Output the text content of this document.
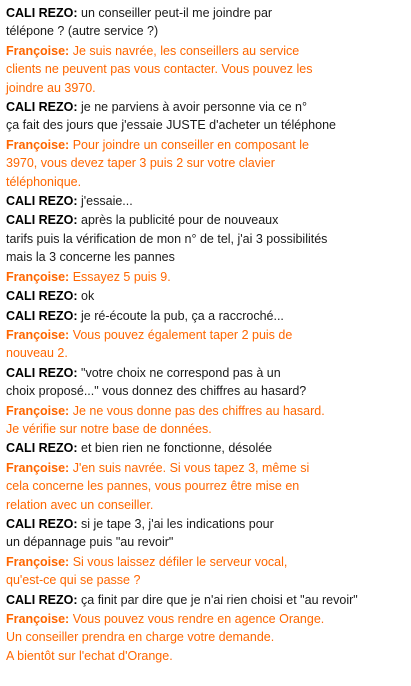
CALI REZO: un conseiller peut-il me joindre par
télépone ? (autre service ?)
Françoise: Je suis navrée, les conseillers au service
clients ne peuvent pas vous contacter. Vous pouvez les
joindre au 3970.
CALI REZO: je ne parviens à avoir personne via ce n°
ça fait des jours que j'essaie JUSTE d'acheter un téléphone
Françoise: Pour joindre un conseiller en composant le
3970, vous devez taper 3 puis 2 sur votre clavier
téléphonique.
CALI REZO: j'essaie...
CALI REZO: après la publicité pour de nouveaux
tarifs puis la vérification de mon n° de tel, j'ai 3 possibilités
mais la 3 concerne les pannes
Françoise: Essayez 5 puis 9.
CALI REZO: ok
CALI REZO: je ré-écoute la pub, ça a raccroché...
Françoise: Vous pouvez également taper 2 puis de
nouveau 2.
CALI REZO: "votre choix ne correspond pas à un
choix proposé..." vous donnez des chiffres au hasard?
Françoise: Je ne vous donne pas des chiffres au hasard.
Je vérifie sur notre base de données.
CALI REZO: et bien rien ne fonctionne, désolée
Françoise: J'en suis navrée. Si vous tapez 3, même si
cela concerne les pannes, vous pourrez être mise en
relation avec un conseiller.
CALI REZO: si je tape 3, j'ai les indications pour
un dépannage puis "au revoir"
Françoise: Si vous laissez défiler le serveur vocal,
qu'est-ce qui se passe ?
CALI REZO: ça finit par dire que je n'ai rien choisi et "au revoir"
Françoise: Vous pouvez vous rendre en agence Orange.
Un conseiller prendra en charge votre demande.
A bientôt sur l'echat d'Orange.
